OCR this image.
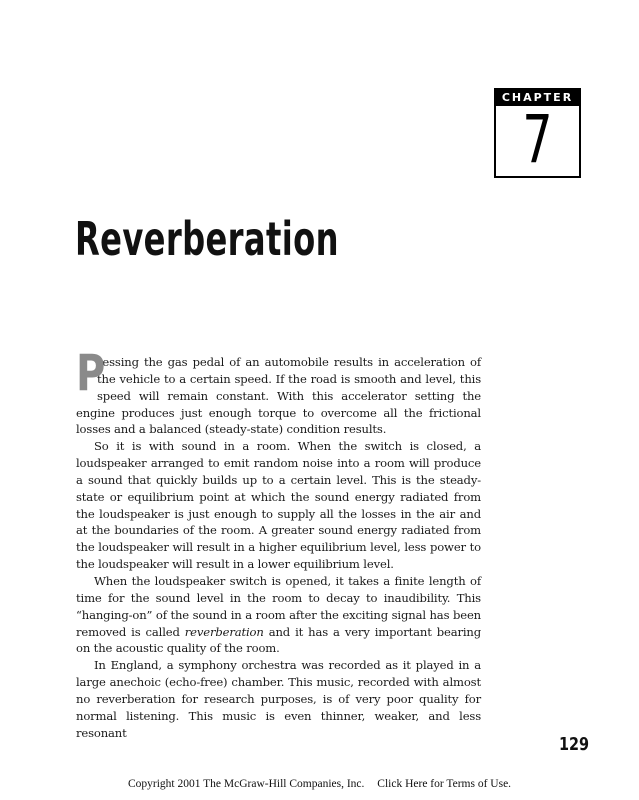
CHAPTER
7
Reverberation

P
ressing the gas pedal of an automobile results in acceleration of the vehicle to a certain speed. If the road is smooth and level, this speed will remain constant. With this accelerator setting the engine produces just enough torque to overcome all the frictional losses and a balanced (steady-state) condition results.

So it is with sound in a room. When the switch is closed, a loudspeaker arranged to emit random noise into a room will produce a sound that quickly builds up to a certain level. This is the steady-state or equilibrium point at which the sound energy radiated from the loudspeaker is just enough to supply all the losses in the air and at the boundaries of the room. A greater sound energy radiated from the loudspeaker will result in a higher equilibrium level, less power to the loudspeaker will result in a lower equilibrium level.

When the loudspeaker switch is opened, it takes a finite length of time for the sound level in the room to decay to inaudibility. This “hanging-on” of the sound in a room after the exciting signal has been removed is called reverberation and it has a very important bearing on the acoustic quality of the room.

In England, a symphony orchestra was recorded as it played in a large anechoic (echo-free) chamber. This music, recorded with almost no reverberation for research purposes, is of very poor quality for normal listening. This music is even thinner, weaker, and less resonant

129
Copyright 2001 The McGraw-Hill Companies, Inc. Click Here for Terms of Use.
